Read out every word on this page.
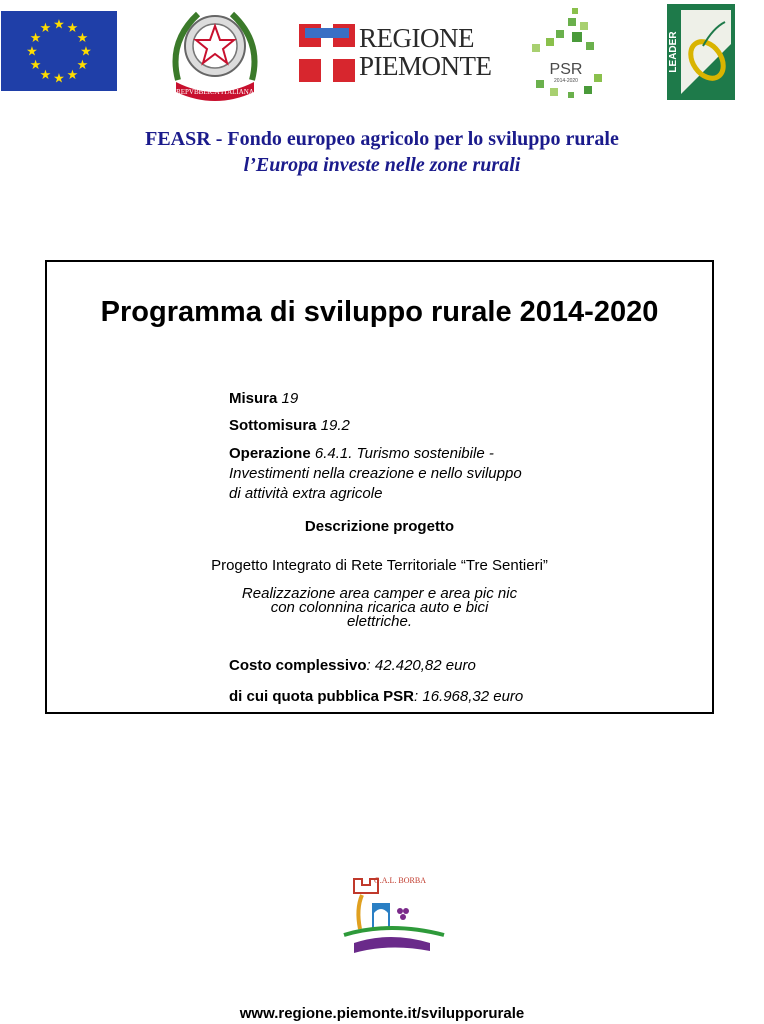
★ ★
★
★
★
★
★
★
★
★
★
★
REPVBBLICA ITALIANA
REGIONE
PIEMONTE	PSR
2014-2020
LEADER
FEASR - Fondo europeo agricolo per lo sviluppo rurale
l’Europa investe nelle zone rurali
Programma di sviluppo rurale 2014-2020
Misura 19
Sottomisura 19.2
Operazione 6.4.1. Turismo sostenibile -
Investimenti nella creazione e nello sviluppo
di attività extra agricole
Descrizione progetto
Progetto Integrato di Rete Territoriale “Tre Sentieri”
Realizzazione area camper e area pic nic
con colonnina ricarica auto e bici
elettriche.
Costo complessivo: 42.420,82 euro
di cui quota pubblica PSR: 16.968,32 euro
G.A.L. BORBA
www.regione.piemonte.it/svilupporurale
